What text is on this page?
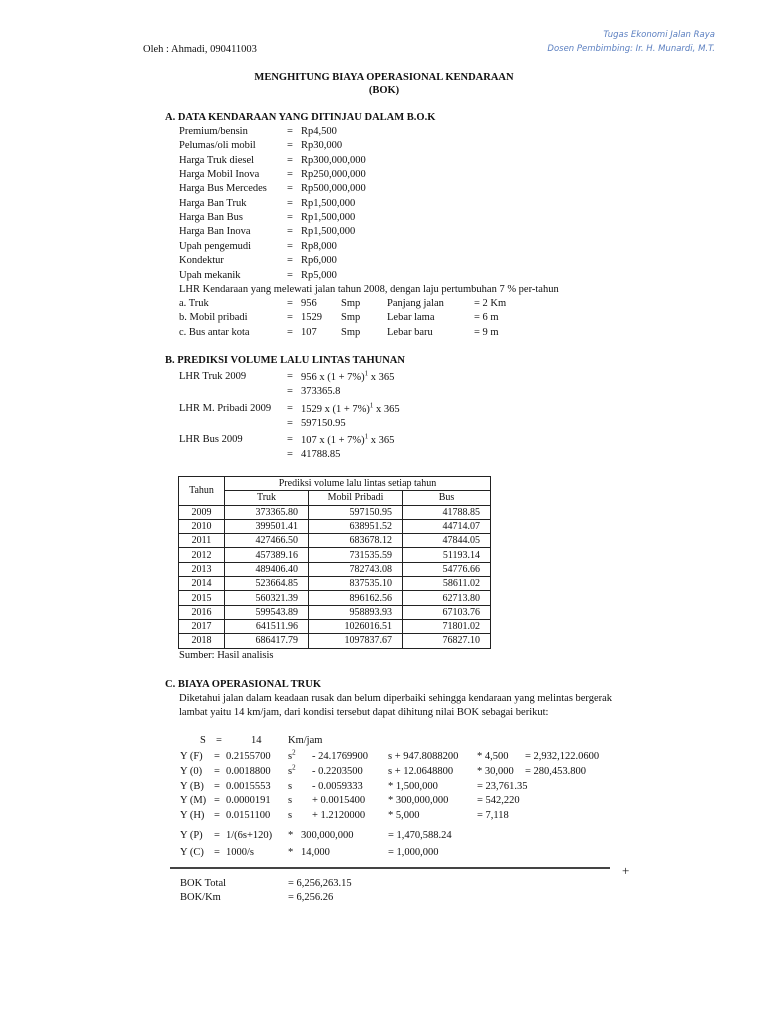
Tugas Ekonomi Jalan Raya
Dosen Pembimbing: Ir. H. Munardi, M.T.
Oleh : Ahmadi, 090411003
MENGHITUNG BIAYA OPERASIONAL KENDARAAN
(BOK)
A. DATA KENDARAAN YANG DITINJAU DALAM B.O.K
Premium/bensin	= Rp4,500
Pelumas/oli mobil	= Rp30,000
Harga Truk diesel	= Rp300,000,000
Harga Mobil Inova	= Rp250,000,000
Harga Bus Mercedes = Rp500,000,000
Harga Ban Truk	= Rp1,500,000
Harga Ban Bus	= Rp1,500,000
Harga Ban Inova	= Rp1,500,000
Upah pengemudi	= Rp8,000
Kondektur	= Rp6,000
Upah mekanik	= Rp5,000
LHR Kendaraan yang melewati jalan tahun 2008, dengan laju pertumbuhan 7 % per-tahun
a. Truk	= 956 Smp	Panjang jalan	= 2 Km
b. Mobil pribadi	= 1529 Smp	Lebar lama	= 6 m
c. Bus antar kota	= 107 Smp	Lebar baru	= 9 m
B. PREDIKSI VOLUME LALU LINTAS TAHUNAN
LHR Truk 2009	= 956 x $(1 + 7\%)^1$ x 365
= 373365.8
LHR M. Pribadi 2009 = 1529 x $(1 + 7\%)^1$ x 365
= 597150.95
LHR Bus 2009	= 107 x $(1 + 7\%)^1$ x 365
= 41788.85
Tahun	Prediksi volume lalu lintas setiap tahun		
	Truk	Mobil Pribadi	Bus
2009	373365.80	597150.95	41788.85
2010	399501.41	638951.52	44714.07
2011	427466.50	683678.12	47844.05
2012	457389.16	731535.59	51193.14
2013	489406.40	782743.08	54776.66
2014	523664.85	837535.10	58611.02
2015	560321.39	896162.56	62713.80
2016	599543.89	958893.93	67103.76
2017	641511.96	1026016.51	71801.02
2018	686417.79	1097837.67	76827.10
Sumber: Hasil analisis
C. BIAYA OPERASIONAL TRUK
Diketahui jalan dalam keadaan rusak dan belum diperbaiki sehingga kendaraan yang melintas bergerak
lambat yaitu 14 km/jam, dari kondisi tersebut dapat dihitung nilai BOK sebagai berikut:
S =	14	Km/jam
Y (F) = 0.2155700 $s^2 - 24.1769900$ s + 947.8088200 * 4,500 = 2,932,122.0600
Y (0) = 0.0018800 $s^2 - 0.2203500$ s + 12.0648800 * 30,000 = 280,453.800
Y (B) = 0.0015553 s - 0.0059333 * 1,500,000	= 23,761.35
Y (M) = 0.0000191 s + 0.0015400 * 300,000,000	= 542,220
Y (H) = 0.0151100 s + 1.2120000 * 5,000	= 7,118
Y (P) = 1/(6s+120) * 300,000,000	= 1,470,588.24
Y (C) = 1000/s	* 14,000	= 1,000,000
+
BOK Total	= 6,256,263.15
BOK/Km	= 6,256.26
